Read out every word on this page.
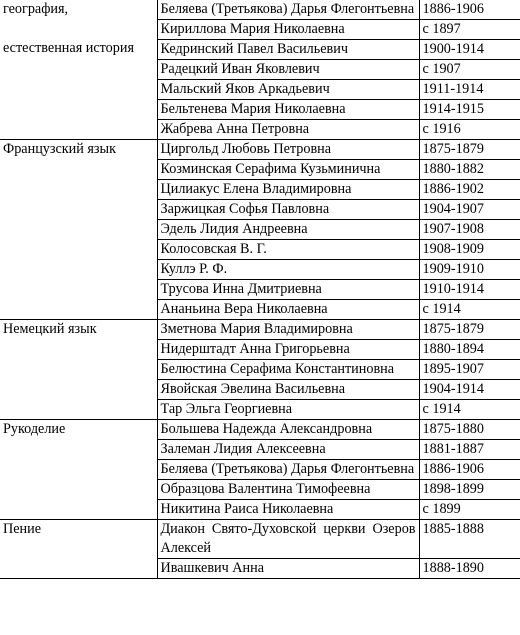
география,
естественная история	Беляева (Третьякова) Дарья Флегонтьевна	1886-1906
	Кириллова Мария Николаевна	с 1897
	Кедринский Павел Васильевич	1900-1914
	Радецкий Иван Яковлевич	с 1907
	Мальский Яков Аркадьевич	1911-1914
	Бельтенева Мария Николаевна	1914-1915
	Жабрева Анна Петровна	с 1916

Французский язык	Циргольд Любовь Петровна	1875-1879
	Козминская Серафима Кузьминична	1880-1882
	Цилиакус Елена Владимировна	1886-1902
	Заржицкая Софья Павловна	1904-1907
	Эдель Лидия Андреевна	1907-1908
	Колосовская В. Г.	1908-1909
	Куллэ Р. Ф.	1909-1910
	Трусова Инна Дмитриевна	1910-1914
	Ананьина Вера Николаевна	с 1914

Немецкий язык	Зметнова Мария Владимировна	1875-1879
	Нидерштадт Анна Григорьевна	1880-1894
	Белюстина Серафима Константиновна	1895-1907
	Явойская Эвелина Васильевна	1904-1914
	Тар Эльга Георгиевна	с 1914

Рукоделие	Большева Надежда Александровна	1875-1880
	Залеман Лидия Алексеевна	1881-1887
	Беляева (Третьякова) Дарья Флегонтьевна	1886-1906
	Образцова Валентина Тимофеевна	1898-1899
	Никитина Раиса Николаевна	с 1899

Пение	Диакон Свято-Духовской церкви Озеров Алексей	1885-1888
	Ивашкевич Анна	1888-1890
